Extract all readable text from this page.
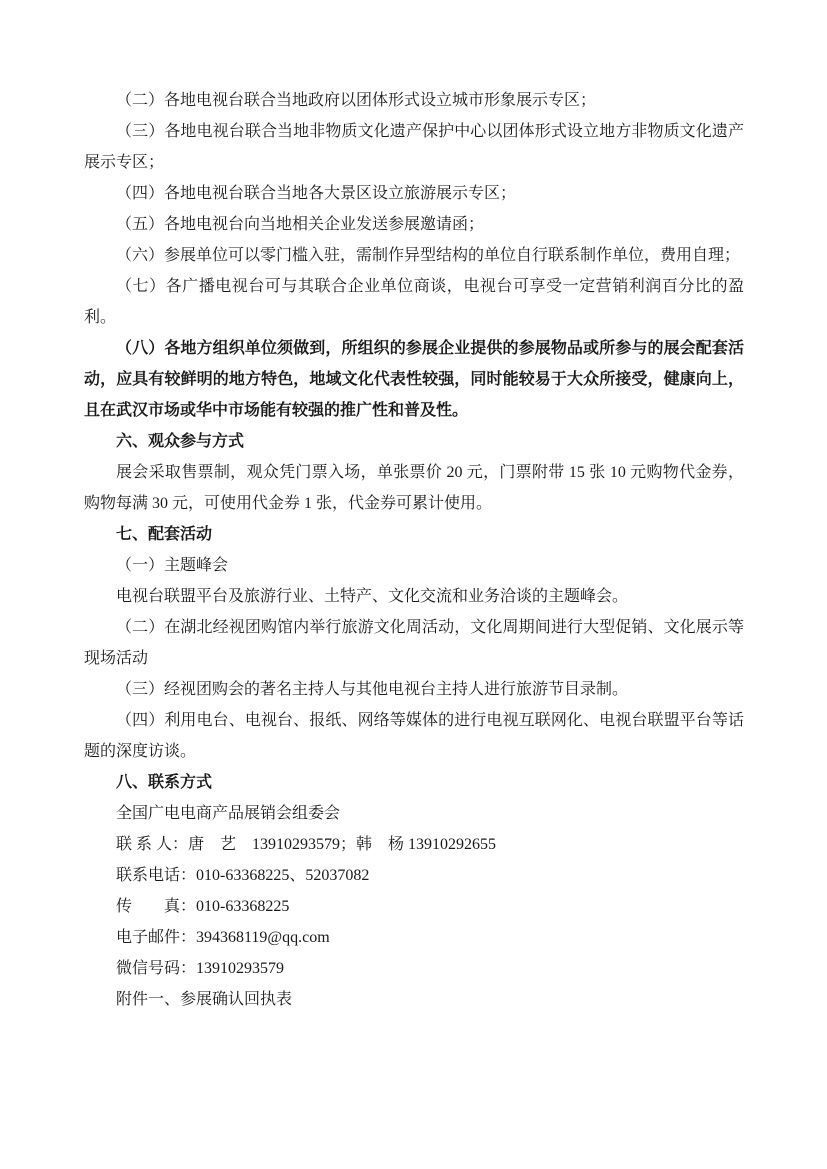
（二）各地电视台联合当地政府以团体形式设立城市形象展示专区；

（三）各地电视台联合当地非物质文化遗产保护中心以团体形式设立地方非物质文化遗产展示专区；

（四）各地电视台联合当地各大景区设立旅游展示专区；

（五）各地电视台向当地相关企业发送参展邀请函；

（六）参展单位可以零门槛入驻，需制作异型结构的单位自行联系制作单位，费用自理；

（七）各广播电视台可与其联合企业单位商谈，电视台可享受一定营销利润百分比的盈利。

（八）各地方组织单位须做到，所组织的参展企业提供的参展物品或所参与的展会配套活动，应具有较鲜明的地方特色，地域文化代表性较强，同时能较易于大众所接受，健康向上，且在武汉市场或华中市场能有较强的推广性和普及性。

六、观众参与方式

展会采取售票制，观众凭门票入场，单张票价 20 元，门票附带 15 张 10 元购物代金券，购物每满 30 元，可使用代金券 1 张，代金券可累计使用。

七、配套活动

（一）主题峰会

电视台联盟平台及旅游行业、土特产、文化交流和业务洽谈的主题峰会。

（二）在湖北经视团购馆内举行旅游文化周活动，文化周期间进行大型促销、文化展示等现场活动

（三）经视团购会的著名主持人与其他电视台主持人进行旅游节目录制。

（四）利用电台、电视台、报纸、网络等媒体的进行电视互联网化、电视台联盟平台等话题的深度访谈。

八、联系方式

全国广电电商产品展销会组委会

联 系 人：唐　艺　13910293579；韩　杨 13910292655

联系电话：010-63368225、52037082

传　　真：010-63368225

电子邮件：394368119@qq.com

微信号码：13910293579

附件一、参展确认回执表
